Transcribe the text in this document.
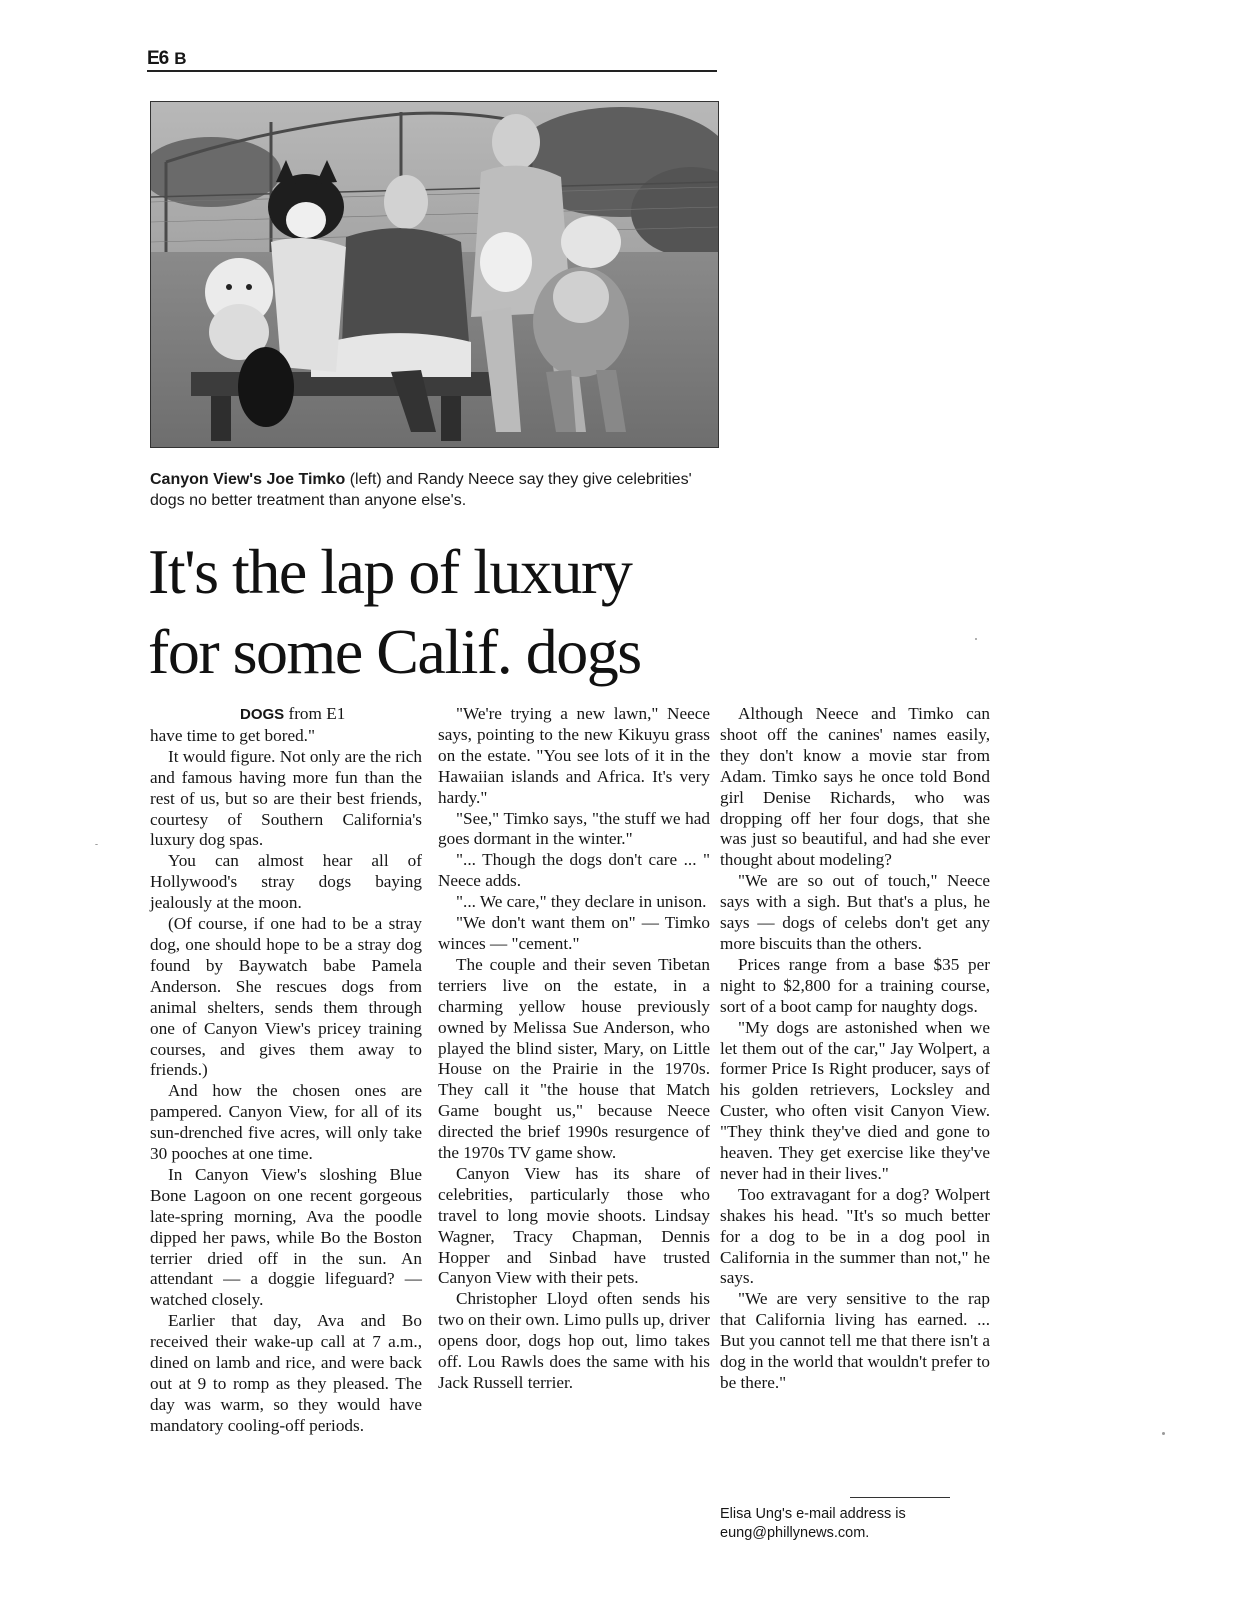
E6 B
Canyon View's Joe Timko (left) and Randy Neece say they give celebrities' dogs no better treatment than anyone else's.
It's the lap of luxury
for some Calif. dogs

DOGS from E1

have time to get bored."

It would figure. Not only are the rich and famous having more fun than the rest of us, but so are their best friends, courtesy of Southern California's luxury dog spas.

You can almost hear all of Hollywood's stray dogs baying jealously at the moon.

(Of course, if one had to be a stray dog, one should hope to be a stray dog found by Baywatch babe Pamela Anderson. She rescues dogs from animal shelters, sends them through one of Canyon View's pricey training courses, and gives them away to friends.)

And how the chosen ones are pampered. Canyon View, for all of its sun-drenched five acres, will only take 30 pooches at one time.

In Canyon View's sloshing Blue Bone Lagoon on one recent gorgeous late-spring morning, Ava the poodle dipped her paws, while Bo the Boston terrier dried off in the sun. An attendant — a doggie lifeguard? — watched closely.

Earlier that day, Ava and Bo received their wake-up call at 7 a.m., dined on lamb and rice, and were back out at 9 to romp as they pleased. The day was warm, so they would have mandatory cooling-off periods.

"We're trying a new lawn," Neece says, pointing to the new Kikuyu grass on the estate. "You see lots of it in the Hawaiian islands and Africa. It's very hardy."

"See," Timko says, "the stuff we had goes dormant in the winter."

"... Though the dogs don't care ... " Neece adds.

"... We care," they declare in unison.

"We don't want them on" — Timko winces — "cement."

The couple and their seven Tibetan terriers live on the estate, in a charming yellow house previously owned by Melissa Sue Anderson, who played the blind sister, Mary, on Little House on the Prairie in the 1970s. They call it "the house that Match Game bought us," because Neece directed the brief 1990s resurgence of the 1970s TV game show.

Canyon View has its share of celebrities, particularly those who travel to long movie shoots. Lindsay Wagner, Tracy Chapman, Dennis Hopper and Sinbad have trusted Canyon View with their pets.

Christopher Lloyd often sends his two on their own. Limo pulls up, driver opens door, dogs hop out, limo takes off. Lou Rawls does the same with his Jack Russell terrier.

Although Neece and Timko can shoot off the canines' names easily, they don't know a movie star from Adam. Timko says he once told Bond girl Denise Richards, who was dropping off her four dogs, that she was just so beautiful, and had she ever thought about modeling?

"We are so out of touch," Neece says with a sigh. But that's a plus, he says — dogs of celebs don't get any more biscuits than the others.

Prices range from a base $35 per night to $2,800 for a training course, sort of a boot camp for naughty dogs.

"My dogs are astonished when we let them out of the car," Jay Wolpert, a former Price Is Right producer, says of his golden retrievers, Locksley and Custer, who often visit Canyon View. "They think they've died and gone to heaven. They get exercise like they've never had in their lives."

Too extravagant for a dog? Wolpert shakes his head. "It's so much better for a dog to be in a dog pool in California in the summer than not," he says.

"We are very sensitive to the rap that California living has earned. ... But you cannot tell me that there isn't a dog in the world that wouldn't prefer to be there."

Elisa Ung's e-mail address is eung@phillynews.com.
